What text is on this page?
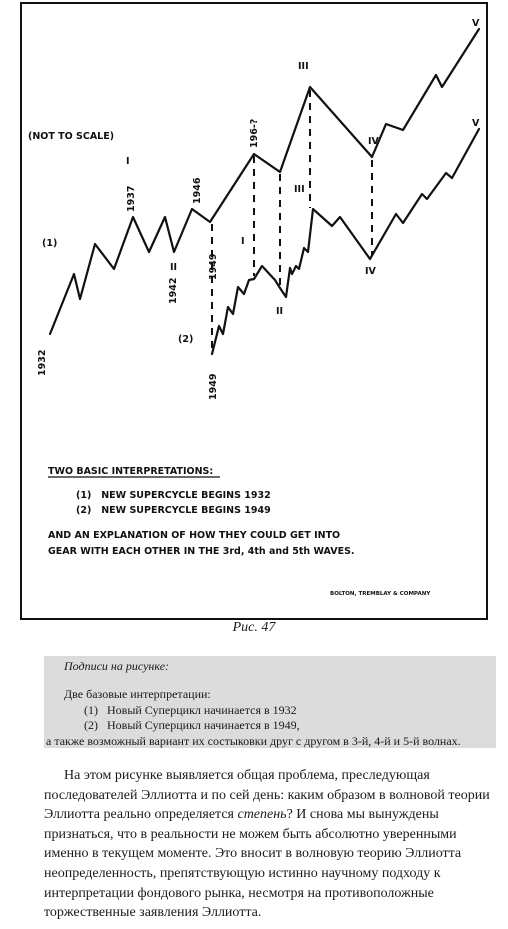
(NOT TO SCALE)
(1)
(2)
I
II
III
IV
V
I
II
III
IV
V
1932
1937
1942
1946
1949
1949
196-?
TWO BASIC INTERPRETATIONS:
(1)   NEW SUPERCYCLE BEGINS 1932
(2)   NEW SUPERCYCLE BEGINS 1949
AND AN EXPLANATION OF HOW THEY COULD GET INTO
GEAR WITH EACH OTHER IN THE 3rd, 4th and 5th WAVES.
BOLTON, TREMBLAY & COMPANY
Рис. 47
Подписи на рисунке:
Две базовые интерпретации:
(1)   Новый Суперцикл начинается в 1932
(2)   Новый Суперцикл начинается в 1949,
а также возможный вариант их состыковки друг с другом в 3-й, 4-й и 5-й волнах.

На этом рисунке выявляется общая проблема, преследующая последователей Эллиотта и по сей день: каким образом в волновой теории Эллиотта реально определяется степень? И снова мы вынуждены признаться, что в реальности не можем быть абсолютно уверенными именно в текущем моменте. Это вносит в волновую теорию Эллиотта неопределенность, препятствующую истинно научному подходу к интерпретации фондового рынка, несмотря на противоположные торжественные заявления Эллиотта.
